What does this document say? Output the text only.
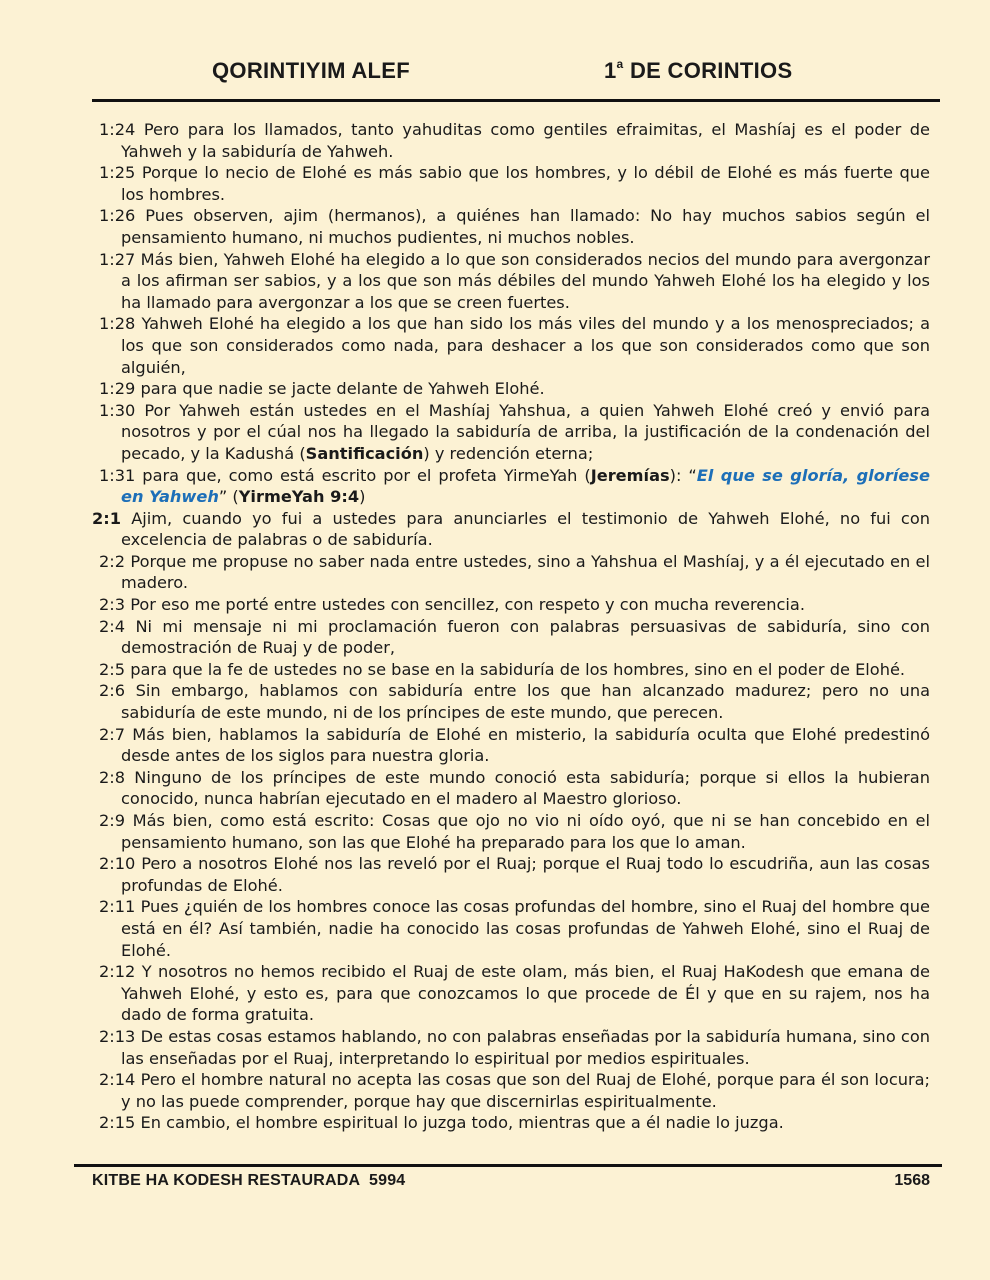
QORINTIYIM ALEF	1$^a$ DE CORINTIOS

1:24 Pero para los llamados, tanto yahuditas como gentiles efraimitas, el Mashíaj es el poder de Yahweh y la sabiduría de Yahweh.

1:25 Porque lo necio de Elohé es más sabio que los hombres, y lo débil de Elohé es más fuerte que los hombres.

1:26 Pues observen, ajim (hermanos), a quiénes han llamado: No hay muchos sabios según el pensamiento humano, ni muchos pudientes, ni muchos nobles.

1:27 Más bien, Yahweh Elohé ha elegido a lo que son considerados necios del mundo para avergonzar a los afirman ser sabios, y a los que son más débiles del mundo Yahweh Elohé los ha elegido y los ha llamado para avergonzar a los que se creen fuertes.

1:28 Yahweh Elohé ha elegido a los que han sido los más viles del mundo y a los menospreciados; a los que son considerados como nada, para deshacer a los que son considerados como que son alguién,

1:29 para que nadie se jacte delante de Yahweh Elohé.

1:30 Por Yahweh están ustedes en el Mashíaj Yahshua, a quien Yahweh Elohé creó y envió para nosotros y por el cúal nos ha llegado la sabiduría de arriba, la justificación de la condenación del pecado, y la Kadushá (Santificación) y redención eterna;

1:31 para que, como está escrito por el profeta YirmeYah (Jeremías): “El que se gloría, gloríese en Yahweh” (YirmeYah 9:4)

2:1 Ajim, cuando yo fui a ustedes para anunciarles el testimonio de Yahweh Elohé, no fui con excelencia de palabras o de sabiduría.

2:2 Porque me propuse no saber nada entre ustedes, sino a Yahshua el Mashíaj, y a él ejecutado en el madero.

2:3 Por eso me porté entre ustedes con sencillez, con respeto y con mucha reverencia.

2:4 Ni mi mensaje ni mi proclamación fueron con palabras persuasivas de sabiduría, sino con demostración de Ruaj y de poder,

2:5 para que la fe de ustedes no se base en la sabiduría de los hombres, sino en el poder de Elohé.

2:6 Sin embargo, hablamos con sabiduría entre los que han alcanzado madurez; pero no una sabiduría de este mundo, ni de los príncipes de este mundo, que perecen.

2:7 Más bien, hablamos la sabiduría de Elohé en misterio, la sabiduría oculta que Elohé predestinó desde antes de los siglos para nuestra gloria.

2:8 Ninguno de los príncipes de este mundo conoció esta sabiduría; porque si ellos la hubieran conocido, nunca habrían ejecutado en el madero al Maestro glorioso.

2:9 Más bien, como está escrito: Cosas que ojo no vio ni oído oyó, que ni se han concebido en el pensamiento humano, son las que Elohé ha preparado para los que lo aman.

2:10 Pero a nosotros Elohé nos las reveló por el Ruaj; porque el Ruaj todo lo escudriña, aun las cosas profundas de Elohé.

2:11 Pues ¿quién de los hombres conoce las cosas profundas del hombre, sino el Ruaj del hombre que está en él? Así también, nadie ha conocido las cosas profundas de Yahweh Elohé, sino el Ruaj de Elohé.

2:12 Y nosotros no hemos recibido el Ruaj de este olam, más bien, el Ruaj HaKodesh que emana de Yahweh Elohé, y esto es, para que conozcamos lo que procede de Él y que en su rajem, nos ha dado de forma gratuita.

2:13 De estas cosas estamos hablando, no con palabras enseñadas por la sabiduría humana, sino con las enseñadas por el Ruaj, interpretando lo espiritual por medios espirituales.

2:14 Pero el hombre natural no acepta las cosas que son del Ruaj de Elohé, porque para él son locura; y no las puede comprender, porque hay que discernirlas espiritualmente.

2:15 En cambio, el hombre espiritual lo juzga todo, mientras que a él nadie lo juzga.

KITBE HA KODESH RESTAURADA  5994	1568
